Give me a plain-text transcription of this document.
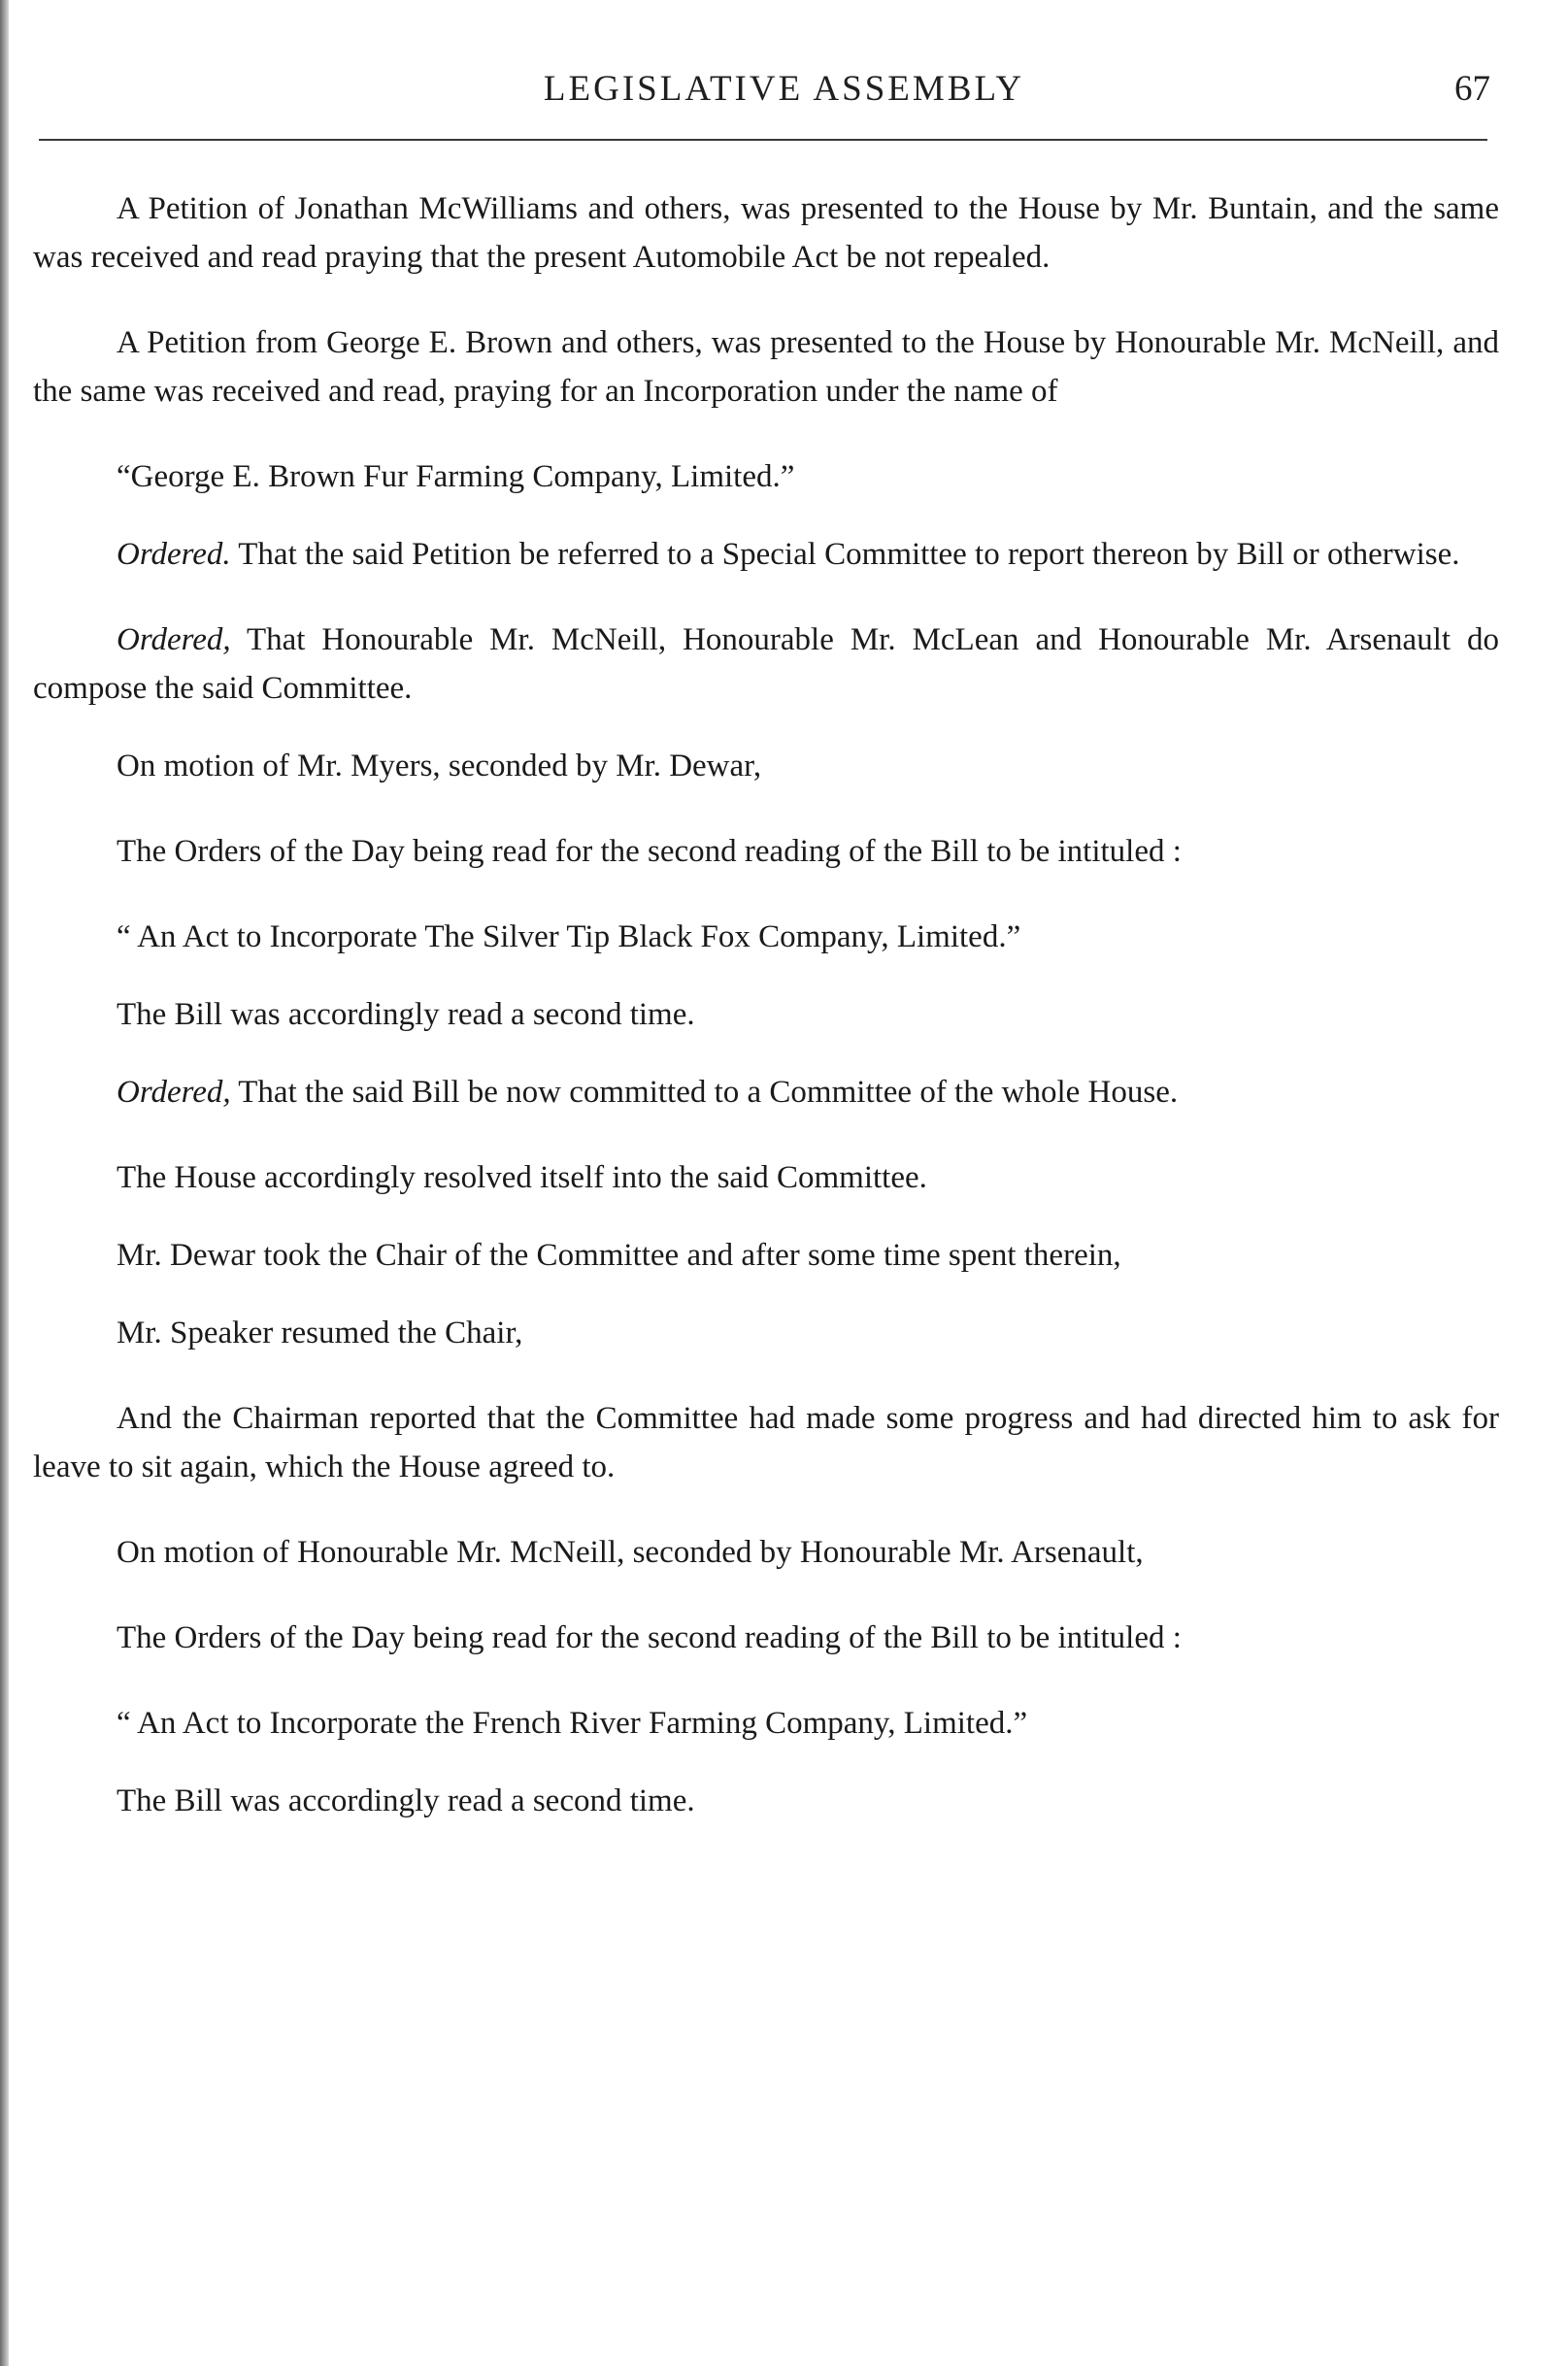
LEGISLATIVE ASSEMBLY	67

A Petition of Jonathan McWilliams and others, was presented to the House by Mr. Buntain, and the same was received and read praying that the present Automobile Act be not repealed.

A Petition from George E. Brown and others, was presented to the House by Honourable Mr. McNeill, and the same was received and read, praying for an Incorporation under the name of

“George E. Brown Fur Farming Company, Limited.”

Ordered. That the said Petition be referred to a Special Committee to report thereon by Bill or otherwise.

Ordered, That Honourable Mr. McNeill, Honourable Mr. McLean and Honourable Mr. Arsenault do compose the said Committee.

On motion of Mr. Myers, seconded by Mr. Dewar,

The Orders of the Day being read for the second reading of the Bill to be intituled :

“ An Act to Incorporate The Silver Tip Black Fox Company, Limited.”

The Bill was accordingly read a second time.

Ordered, That the said Bill be now committed to a Committee of the whole House.

The House accordingly resolved itself into the said Committee.

Mr. Dewar took the Chair of the Committee and after some time spent therein,

Mr. Speaker resumed the Chair,

And the Chairman reported that the Committee had made some progress and had directed him to ask for leave to sit again, which the House agreed to.

On motion of Honourable Mr. McNeill, seconded by Honourable Mr. Arsenault,

The Orders of the Day being read for the second reading of the Bill to be intituled :

“ An Act to Incorporate the French River Farming Company, Limited.”

The Bill was accordingly read a second time.
